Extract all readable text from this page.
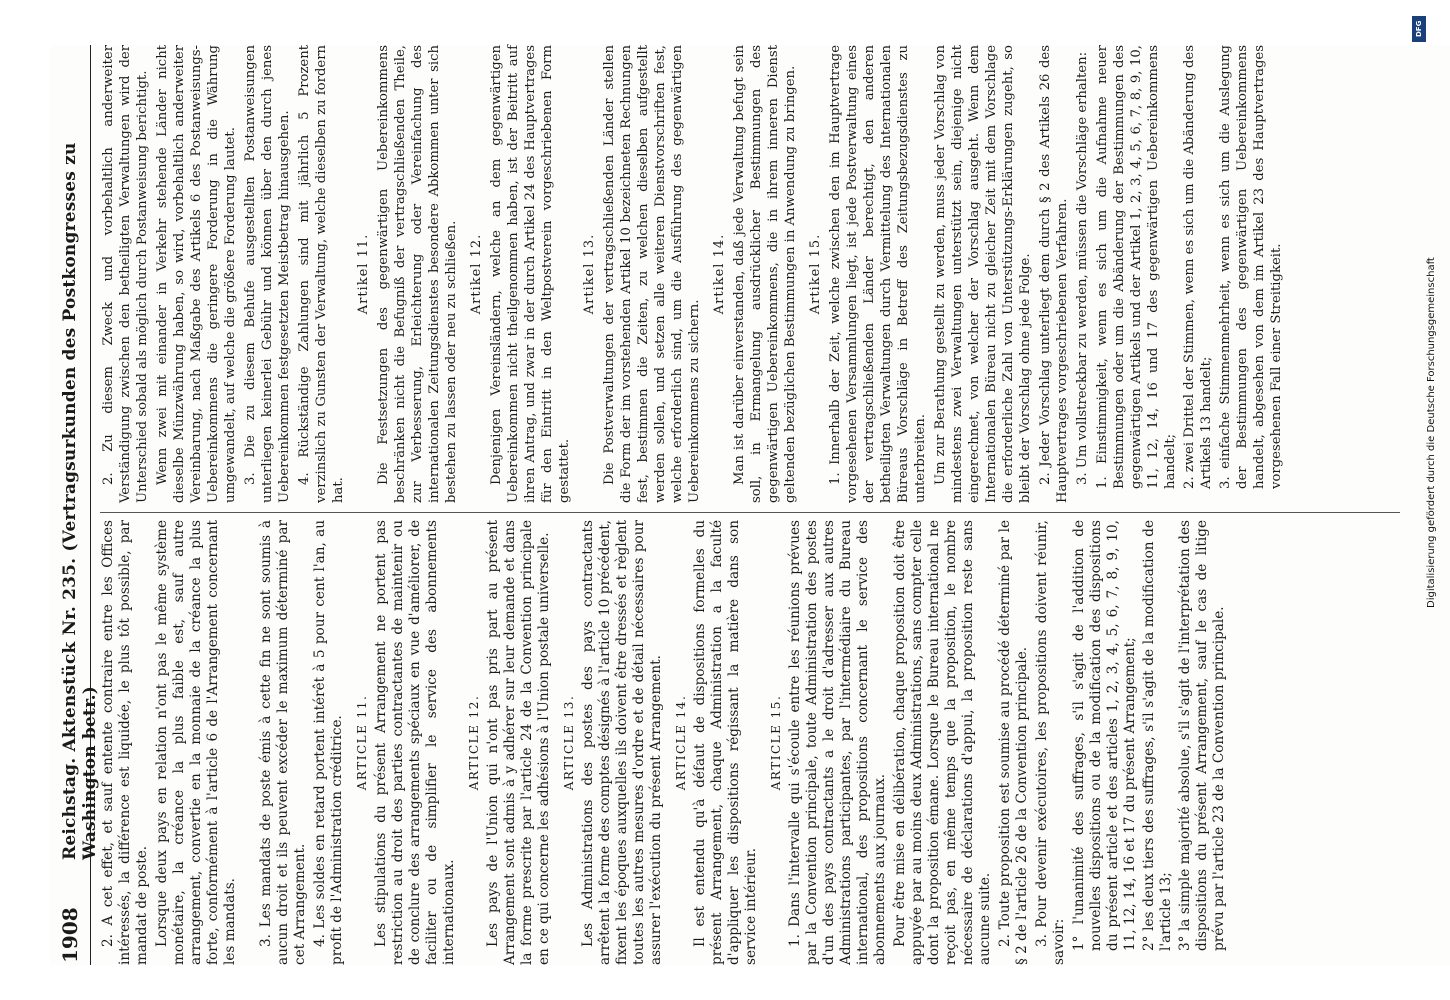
1908
Reichstag. Aktenstück Nr. 235. (Vertragsurkunden des Postkongresses zu Washington betr.) 2. A cet effet, et sauf entente contraire entre les Offices intéressés, la différence est liquidée, le plus tôt possible, par mandat de poste. Lorsque deux pays en relation n'ont pas le même système monétaire, la créance la plus faible est, sauf autre arrangement, convertie en la monnaie de la créance la plus forte, conformément à l'article 6 de l'Arrangement concernant les mandats. 3. Les mandats de poste émis à cette fin ne sont soumis à aucun droit et ils peuvent excéder le maximum déterminé par cet Arrangement. 4. Les soldes en retard portent intérêt à 5 pour cent l'an, au profit de l'Administration créditrice. ARTICLE 11. Les stipulations du présent Arrangement ne portent pas restriction au droit des parties contractantes de maintenir ou de conclure des arrangements spéciaux en vue d'améliorer, de faciliter ou de simplifier le service des abonnements internationaux.

ARTICLE 12. Les pays de l'Union qui n'ont pas pris part au présent Arrangement sont admis à y adhérer sur leur demande et dans la forme prescrite par l'article 24 de la Convention principale en ce qui concerne les adhésions à l'Union postale universelle. ARTICLE 13. Les Administrations des postes des pays contractants arrêtent la forme des comptes désignés à l'article 10 précédent, fixent les époques auxquelles ils doivent être dressés et règlent toutes les autres mesures d'ordre et de détail nécessaires pour assurer l'exécution du présent Arrangement. ARTICLE 14. Il est entendu qu'à défaut de dispositions formelles du présent Arrangement, chaque Administration a la faculté d'appliquer les dispositions régissant la matière dans son service intérieur.

ARTICLE 15. 1. Dans l'intervalle qui s'écoule entre les réunions prévues par la Convention principale, toute Administration des postes d'un des pays contractants a le droit d'adresser aux autres Administrations participantes, par l'intermédiaire du Bureau international, des propositions concernant le service des abonnements aux journaux. Pour être mise en délibération, chaque proposition doit être appuyée par au moins deux Administrations, sans compter celle dont la proposition émane. Lorsque le Bureau international ne reçoit pas, en même temps que la proposition, le nombre nécessaire de déclarations d'appui, la proposition reste sans aucune suite. 2. Toute proposition est soumise au procédé déterminé par le § 2 de l'article 26 de la Convention principale. 3. Pour devenir exécutoires, les propositions doivent réunir, savoir: 1° l'unanimité des suffrages, s'il s'agit de l'addition de nouvelles dispositions ou de la modification des dispositions du présent article et des articles 1, 2, 3, 4, 5, 6, 7, 8, 9, 10, 11, 12, 14, 16 et 17 du présent Arrangement; 2° les deux tiers des suffrages, s'il s'agit de la modification de l'article 13; 3° la simple majorité absolue, s'il s'agit de l'interprétation des dispositions du présent Arrangement, sauf le cas de litige prévu par l'article 23 de la Convention principale.

2. Zu diesem Zweck und vorbehaltlich anderweiter Verständigung zwischen den betheiligten Verwaltungen wird der Unterschied sobald als möglich durch Postanweisung berichtigt. Wenn zwei mit einander in Verkehr stehende Länder nicht dieselbe Münzwährung haben, so wird, vorbehaltlich anderweiter Vereinbarung, nach Maßgabe des Artikels 6 des Postanweisungs-Uebereinkommens die geringere Forderung in die Währung umgewandelt, auf welche die größere Forderung lautet. 3. Die zu diesem Behufe ausgestellten Postanweisungen unterliegen keinerlei Gebühr und können über den durch jenes Uebereinkommen festgesetzten Meistbetrag hinausgehen. 4. Rückständige Zahlungen sind mit jährlich 5 Prozent verzinslich zu Gunsten der Verwaltung, welche dieselben zu fordern hat.

Artikel 11. Die Festsetzungen des gegenwärtigen Uebereinkommens beschränken nicht die Befugniß der vertragschließenden Theile, zur Verbesserung, Erleichterung oder Vereinfachung des internationalen Zeitungsdienstes besondere Abkommen unter sich bestehen zu lassen oder neu zu schließen. Artikel 12. Denjenigen Vereinsländern, welche an dem gegenwärtigen Uebereinkommen nicht theilgenommen haben, ist der Beitritt auf ihren Antrag, und zwar in der durch Artikel 24 des Hauptvertrages für den Eintritt in den Weltpostverein vorgeschriebenen Form gestattet.

Artikel 13. Die Postverwaltungen der vertragschließenden Länder stellen die Form der im vorstehenden Artikel 10 bezeichneten Rechnungen fest, bestimmen die Zeiten, zu welchen dieselben aufgestellt werden sollen, und setzen alle weiteren Dienstvorschriften fest, welche erforderlich sind, um die Ausführung des gegenwärtigen Uebereinkommens zu sichern.

Artikel 14. Man ist darüber einverstanden, daß jede Verwaltung befugt sein soll, in Ermangelung ausdrücklicher Bestimmungen des gegenwärtigen Uebereinkommens, die in ihrem inneren Dienst geltenden bezüglichen Bestimmungen in Anwendung zu bringen. Artikel 15. 1. Innerhalb der Zeit, welche zwischen den im Hauptvertrage vorgesehenen Versammlungen liegt, ist jede Postverwaltung eines der vertragschließenden Länder berechtigt, den anderen betheiligten Verwaltungen durch Vermittelung des Internationalen Büreaus Vorschläge in Betreff des Zeitungsbezugsdienstes zu unterbreiten. Um zur Berathung gestellt zu werden, muss jeder Vorschlag von mindestens zwei Verwaltungen unterstützt sein, diejenige nicht eingerechnet, von welcher der Vorschlag ausgeht. Wenn dem Internationalen Büreau nicht zu gleicher Zeit mit dem Vorschlage die erforderliche Zahl von Unterstützungs-Erklärungen zugeht, so bleibt der Vorschlag ohne jede Folge. 2. Jeder Vorschlag unterliegt dem durch § 2 des Artikels 26 des Hauptvertrages vorgeschriebenen Verfahren. 3. Um vollstreckbar zu werden, müssen die Vorschläge erhalten: 1. Einstimmigkeit, wenn es sich um die Aufnahme neuer Bestimmungen oder um die Abänderung der Bestimmungen des gegenwärtigen Artikels und der Artikel 1, 2, 3, 4, 5, 6, 7, 8, 9, 10, 11, 12, 14, 16 und 17 des gegenwärtigen Uebereinkommens handelt; 2. zwei Drittel der Stimmen, wenn es sich um die Abänderung des Artikels 13 handelt; 3. einfache Stimmenmehrheit, wenn es sich um die Auslegung der Bestimmungen des gegenwärtigen Uebereinkommens handelt, abgesehen von dem im Artikel 23 des Hauptvertrages vorgesehenen Fall einer Streitigkeit.
DFG
Digitalisierung gefördert durch die Deutsche Forschungsgemeinschaft
